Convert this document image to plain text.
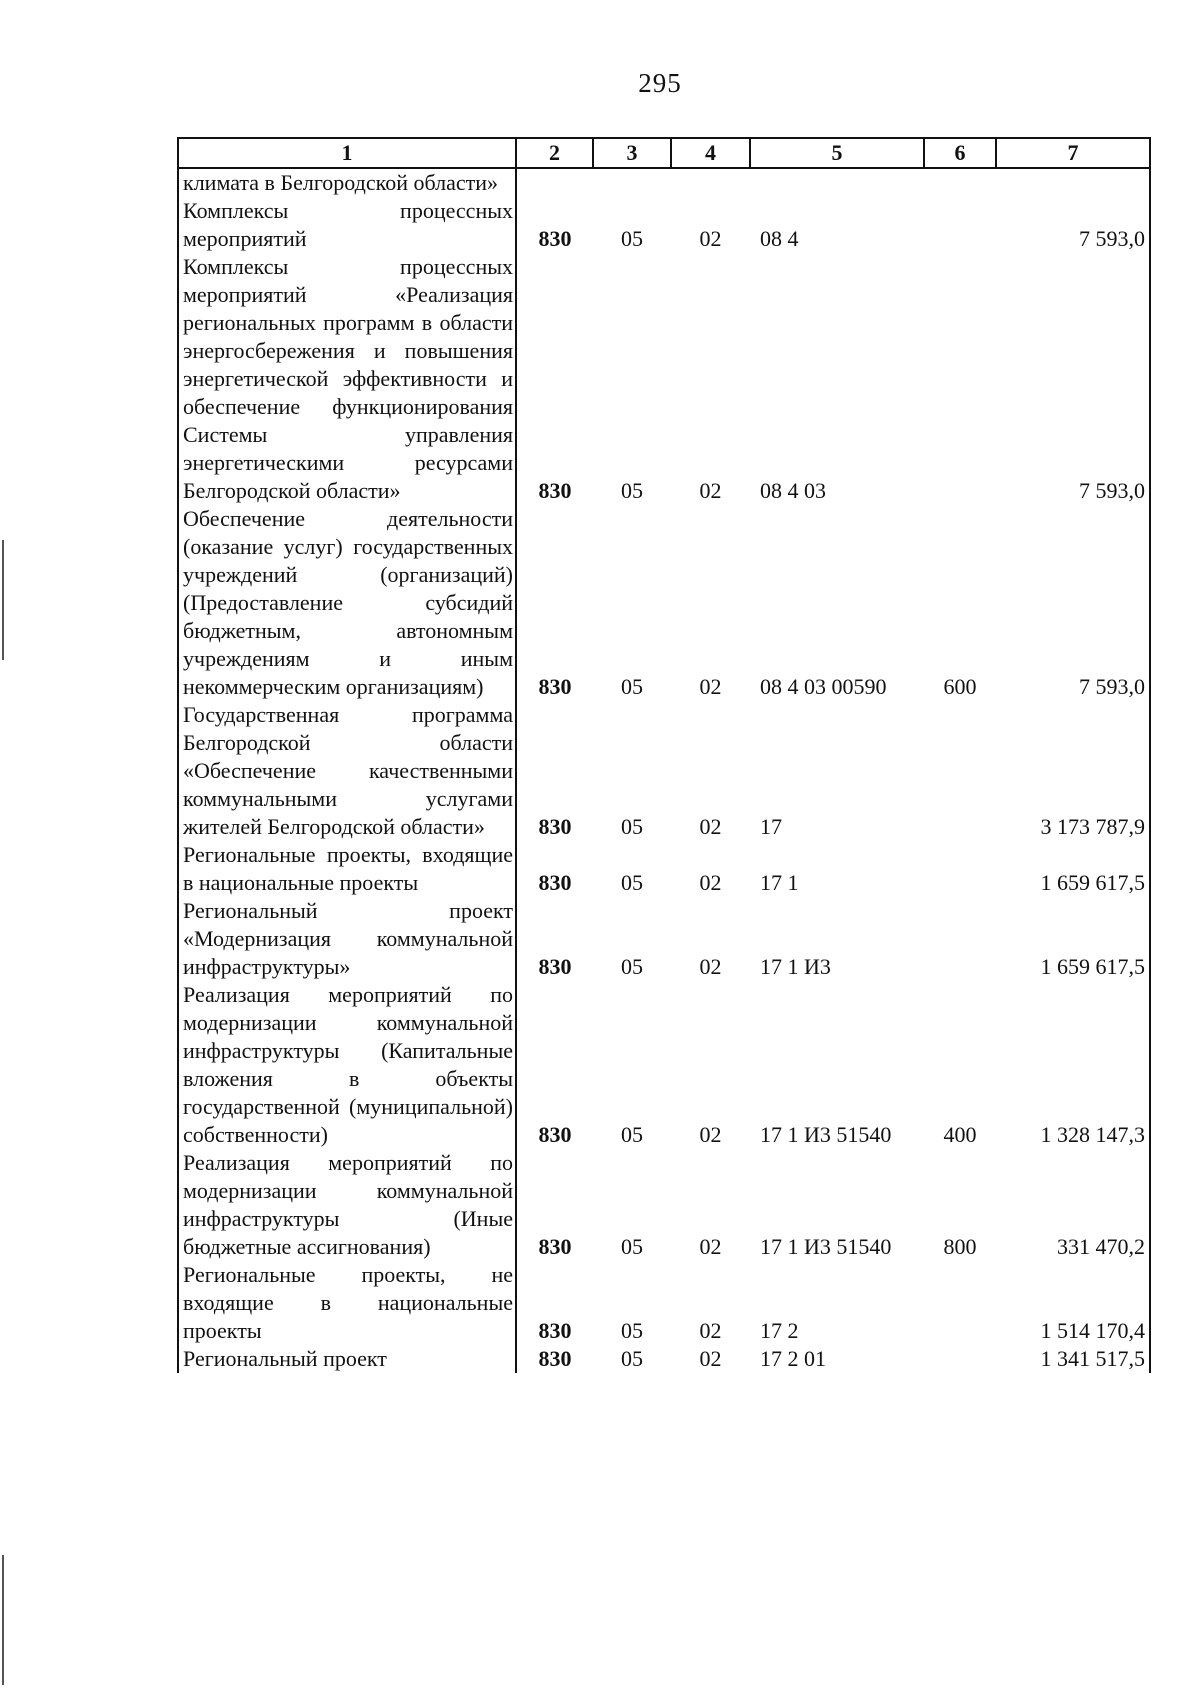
295
1	2	3	4	5	6	7
климата в Белгородской области»						
Комплексы процессных мероприятий	830	05	02	08 4		7 593,0
Комплексы процессных мероприятий «Реализация региональных программ в области энергосбережения и повышения энергетической эффективности и обеспечение функционирования Системы управления энергетическими ресурсами Белгородской области»	830	05	02	08 4 03		7 593,0
Обеспечение деятельности (оказание услуг) государственных учреждений (организаций) (Предоставление субсидий бюджетным, автономным учреждениям и иным некоммерческим организациям)	830	05	02	08 4 03 00590	600	7 593,0
Государственная программа Белгородской области «Обеспечение качественными коммунальными услугами жителей Белгородской области»	830	05	02	17		3 173 787,9
Региональные проекты, входящие в национальные проекты	830	05	02	17 1		1 659 617,5
Региональный проект «Модернизация коммунальной инфраструктуры»	830	05	02	17 1 И3		1 659 617,5
Реализация мероприятий по модернизации коммунальной инфраструктуры (Капитальные вложения в объекты государственной (муниципальной) собственности)	830	05	02	17 1 И3 51540	400	1 328 147,3
Реализация мероприятий по модернизации коммунальной инфраструктуры (Иные бюджетные ассигнования)	830	05	02	17 1 И3 51540	800	331 470,2
Региональные проекты, не входящие в национальные проекты	830	05	02	17 2		1 514 170,4
Региональный проект	830	05	02	17 2 01		1 341 517,5
